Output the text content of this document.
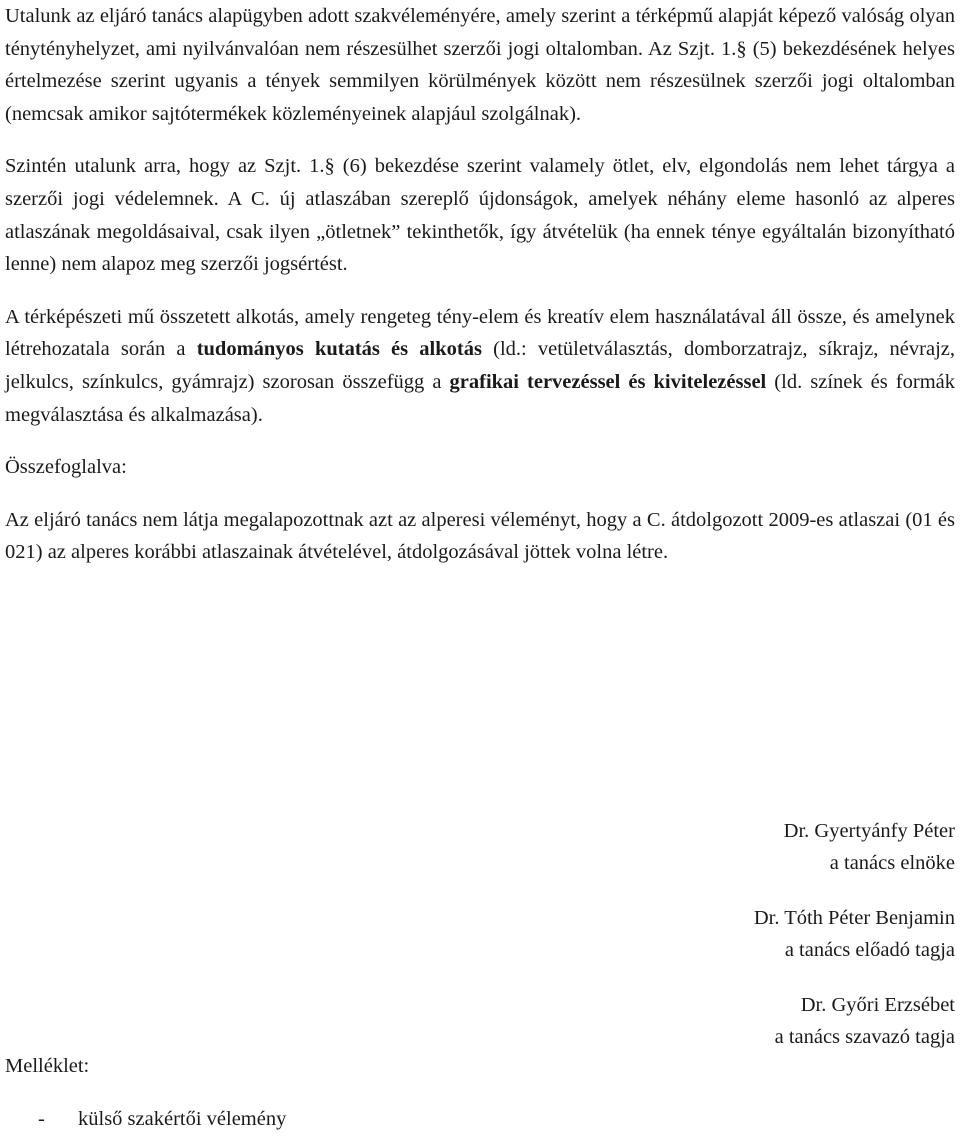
Utalunk az eljáró tanács alapügyben adott szakvéleményére, amely szerint a térképmű alapját képező valóság olyan ténytényhelyzet, ami nyilvánvalóan nem részesülhet szerzői jogi oltalomban. Az Szjt. 1.§ (5) bekezdésének helyes értelmezése szerint ugyanis a tények semmilyen körülmények között nem részesülnek szerzői jogi oltalomban (nemcsak amikor sajtótermékek közleményeinek alapjául szolgálnak).

Szintén utalunk arra, hogy az Szjt. 1.§ (6) bekezdése szerint valamely ötlet, elv, elgondolás nem lehet tárgya a szerzői jogi védelemnek. A C. új atlaszában szereplő újdonságok, amelyek néhány eleme hasonló az alperes atlaszának megoldásaival, csak ilyen „ötletnek” tekinthetők, így átvételük (ha ennek ténye egyáltalán bizonyítható lenne) nem alapoz meg szerzői jogsértést.

A térképészeti mű összetett alkotás, amely rengeteg tény-elem és kreatív elem használatával áll össze, és amelynek létrehozatala során a tudományos kutatás és alkotás (ld.: vetületválasztás, domborzatrajz, síkrajz, névrajz, jelkulcs, színkulcs, gyámrajz) szorosan összefügg a grafikai tervezéssel és kivitelezéssel (ld. színek és formák megválasztása és alkalmazása).

Összefoglalva:

Az eljáró tanács nem látja megalapozottnak azt az alperesi véleményt, hogy a C. átdolgozott 2009-es atlaszai (01 és 021) az alperes korábbi atlaszainak átvételével, átdolgozásával jöttek volna létre.

Dr. Gyertyánfy Péter
a tanács elnöke
Dr. Tóth Péter Benjamin
a tanács előadó tagja
Dr. Győri Erzsébet
a tanács szavazó tagja
Melléklet:
- külső szakértői vélemény
